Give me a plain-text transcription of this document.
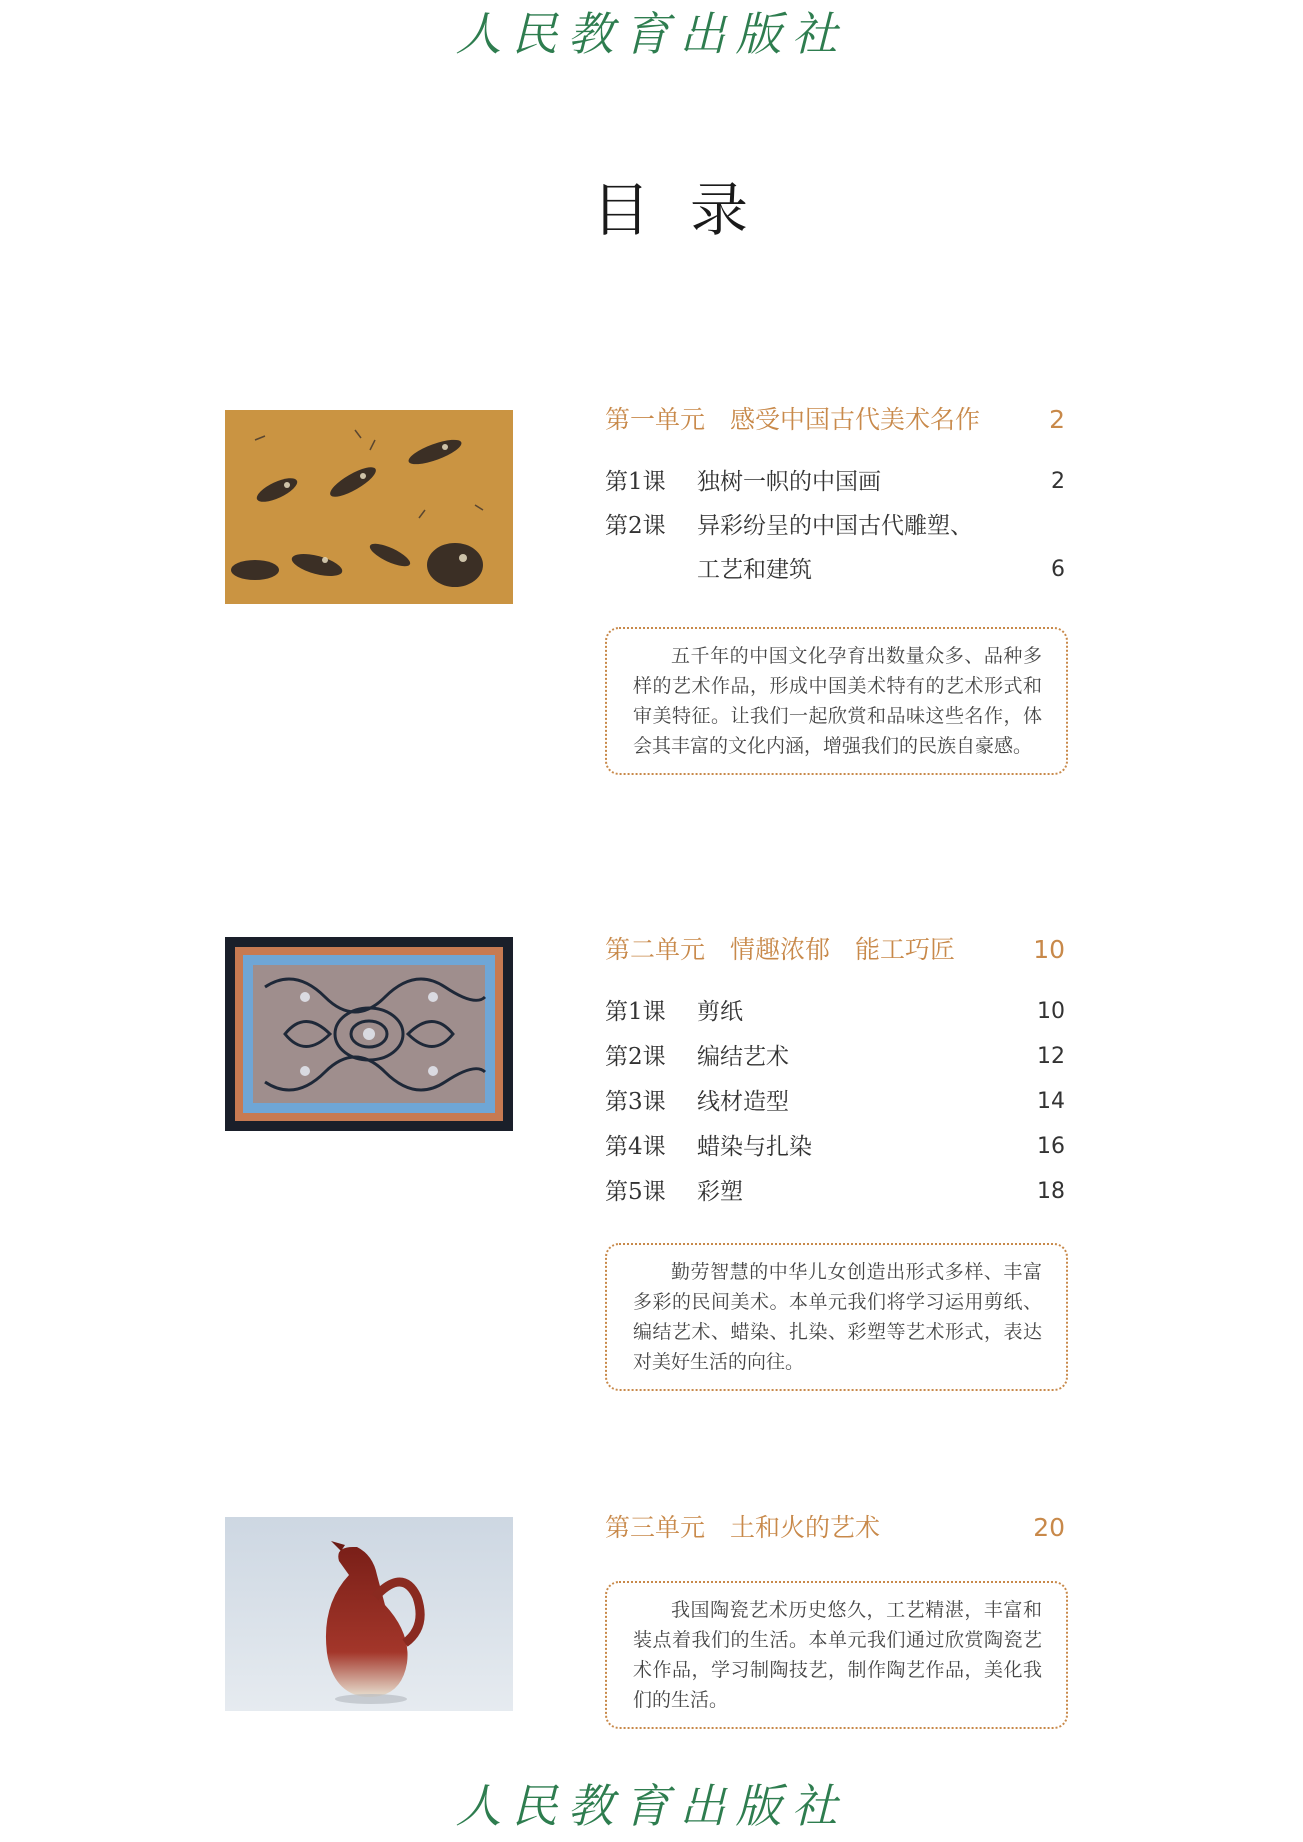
人民教育出版社
目录
第一单元　感受中国古代美术名作	2
第1课 独树一帜的中国画	2
第2课 异彩纷呈的中国古代雕塑、
工艺和建筑	6
五千年的中国文化孕育出数量众多、品种多样的艺术作品，形成中国美术特有的艺术形式和审美特征。让我们一起欣赏和品味这些名作，体会其丰富的文化内涵，增强我们的民族自豪感。
第二单元　情趣浓郁　能工巧匠	10
第1课 剪纸	10
第2课 编结艺术	12
第3课 线材造型	14
第4课 蜡染与扎染	16
第5课 彩塑	18
勤劳智慧的中华儿女创造出形式多样、丰富多彩的民间美术。本单元我们将学习运用剪纸、编结艺术、蜡染、扎染、彩塑等艺术形式，表达对美好生活的向往。
第三单元　土和火的艺术	20
我国陶瓷艺术历史悠久，工艺精湛，丰富和装点着我们的生活。本单元我们通过欣赏陶瓷艺术作品，学习制陶技艺，制作陶艺作品，美化我们的生活。
人民教育出版社
